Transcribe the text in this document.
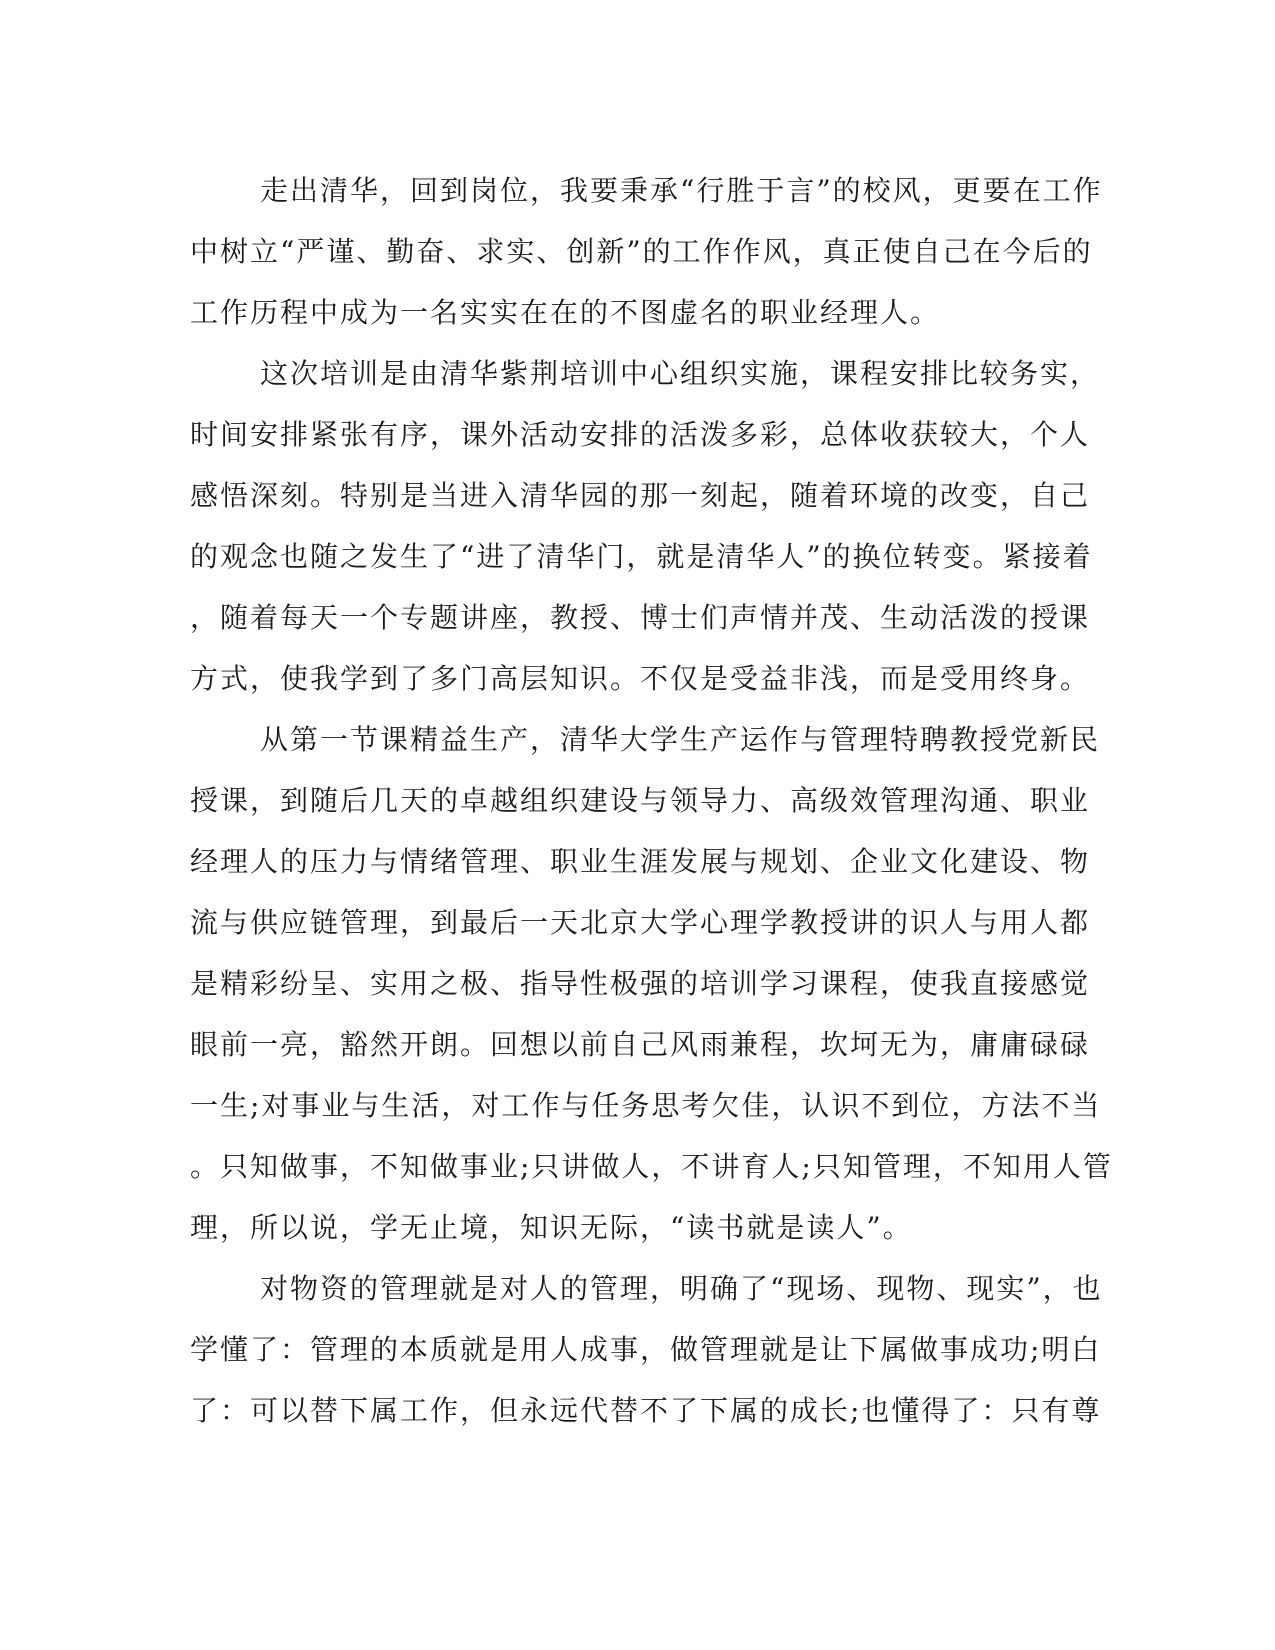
走出清华，回到岗位，我要秉承“行胜于言”的校风，更要在工作
中树立“严谨、勤奋、求实、创新”的工作作风，真正使自己在今后的
工作历程中成为一名实实在在的不图虚名的职业经理人。
这次培训是由清华紫荆培训中心组织实施，课程安排比较务实，
时间安排紧张有序，课外活动安排的活泼多彩，总体收获较大，个人
感悟深刻。特别是当进入清华园的那一刻起，随着环境的改变，自己
的观念也随之发生了“进了清华门，就是清华人”的换位转变。紧接着
，随着每天一个专题讲座，教授、博士们声情并茂、生动活泼的授课
方式，使我学到了多门高层知识。不仅是受益非浅，而是受用终身。
从第一节课精益生产，清华大学生产运作与管理特聘教授党新民
授课，到随后几天的卓越组织建设与领导力、高级效管理沟通、职业
经理人的压力与情绪管理、职业生涯发展与规划、企业文化建设、物
流与供应链管理，到最后一天北京大学心理学教授讲的识人与用人都
是精彩纷呈、实用之极、指导性极强的培训学习课程，使我直接感觉
眼前一亮，豁然开朗。回想以前自己风雨兼程，坎坷无为，庸庸碌碌
一生;对事业与生活，对工作与任务思考欠佳，认识不到位，方法不当
。只知做事，不知做事业;只讲做人，不讲育人;只知管理，不知用人管
理，所以说，学无止境，知识无际，“读书就是读人”。
对物资的管理就是对人的管理，明确了“现场、现物、现实”，也
学懂了：管理的本质就是用人成事，做管理就是让下属做事成功;明白
了：可以替下属工作，但永远代替不了下属的成长;也懂得了：只有尊
